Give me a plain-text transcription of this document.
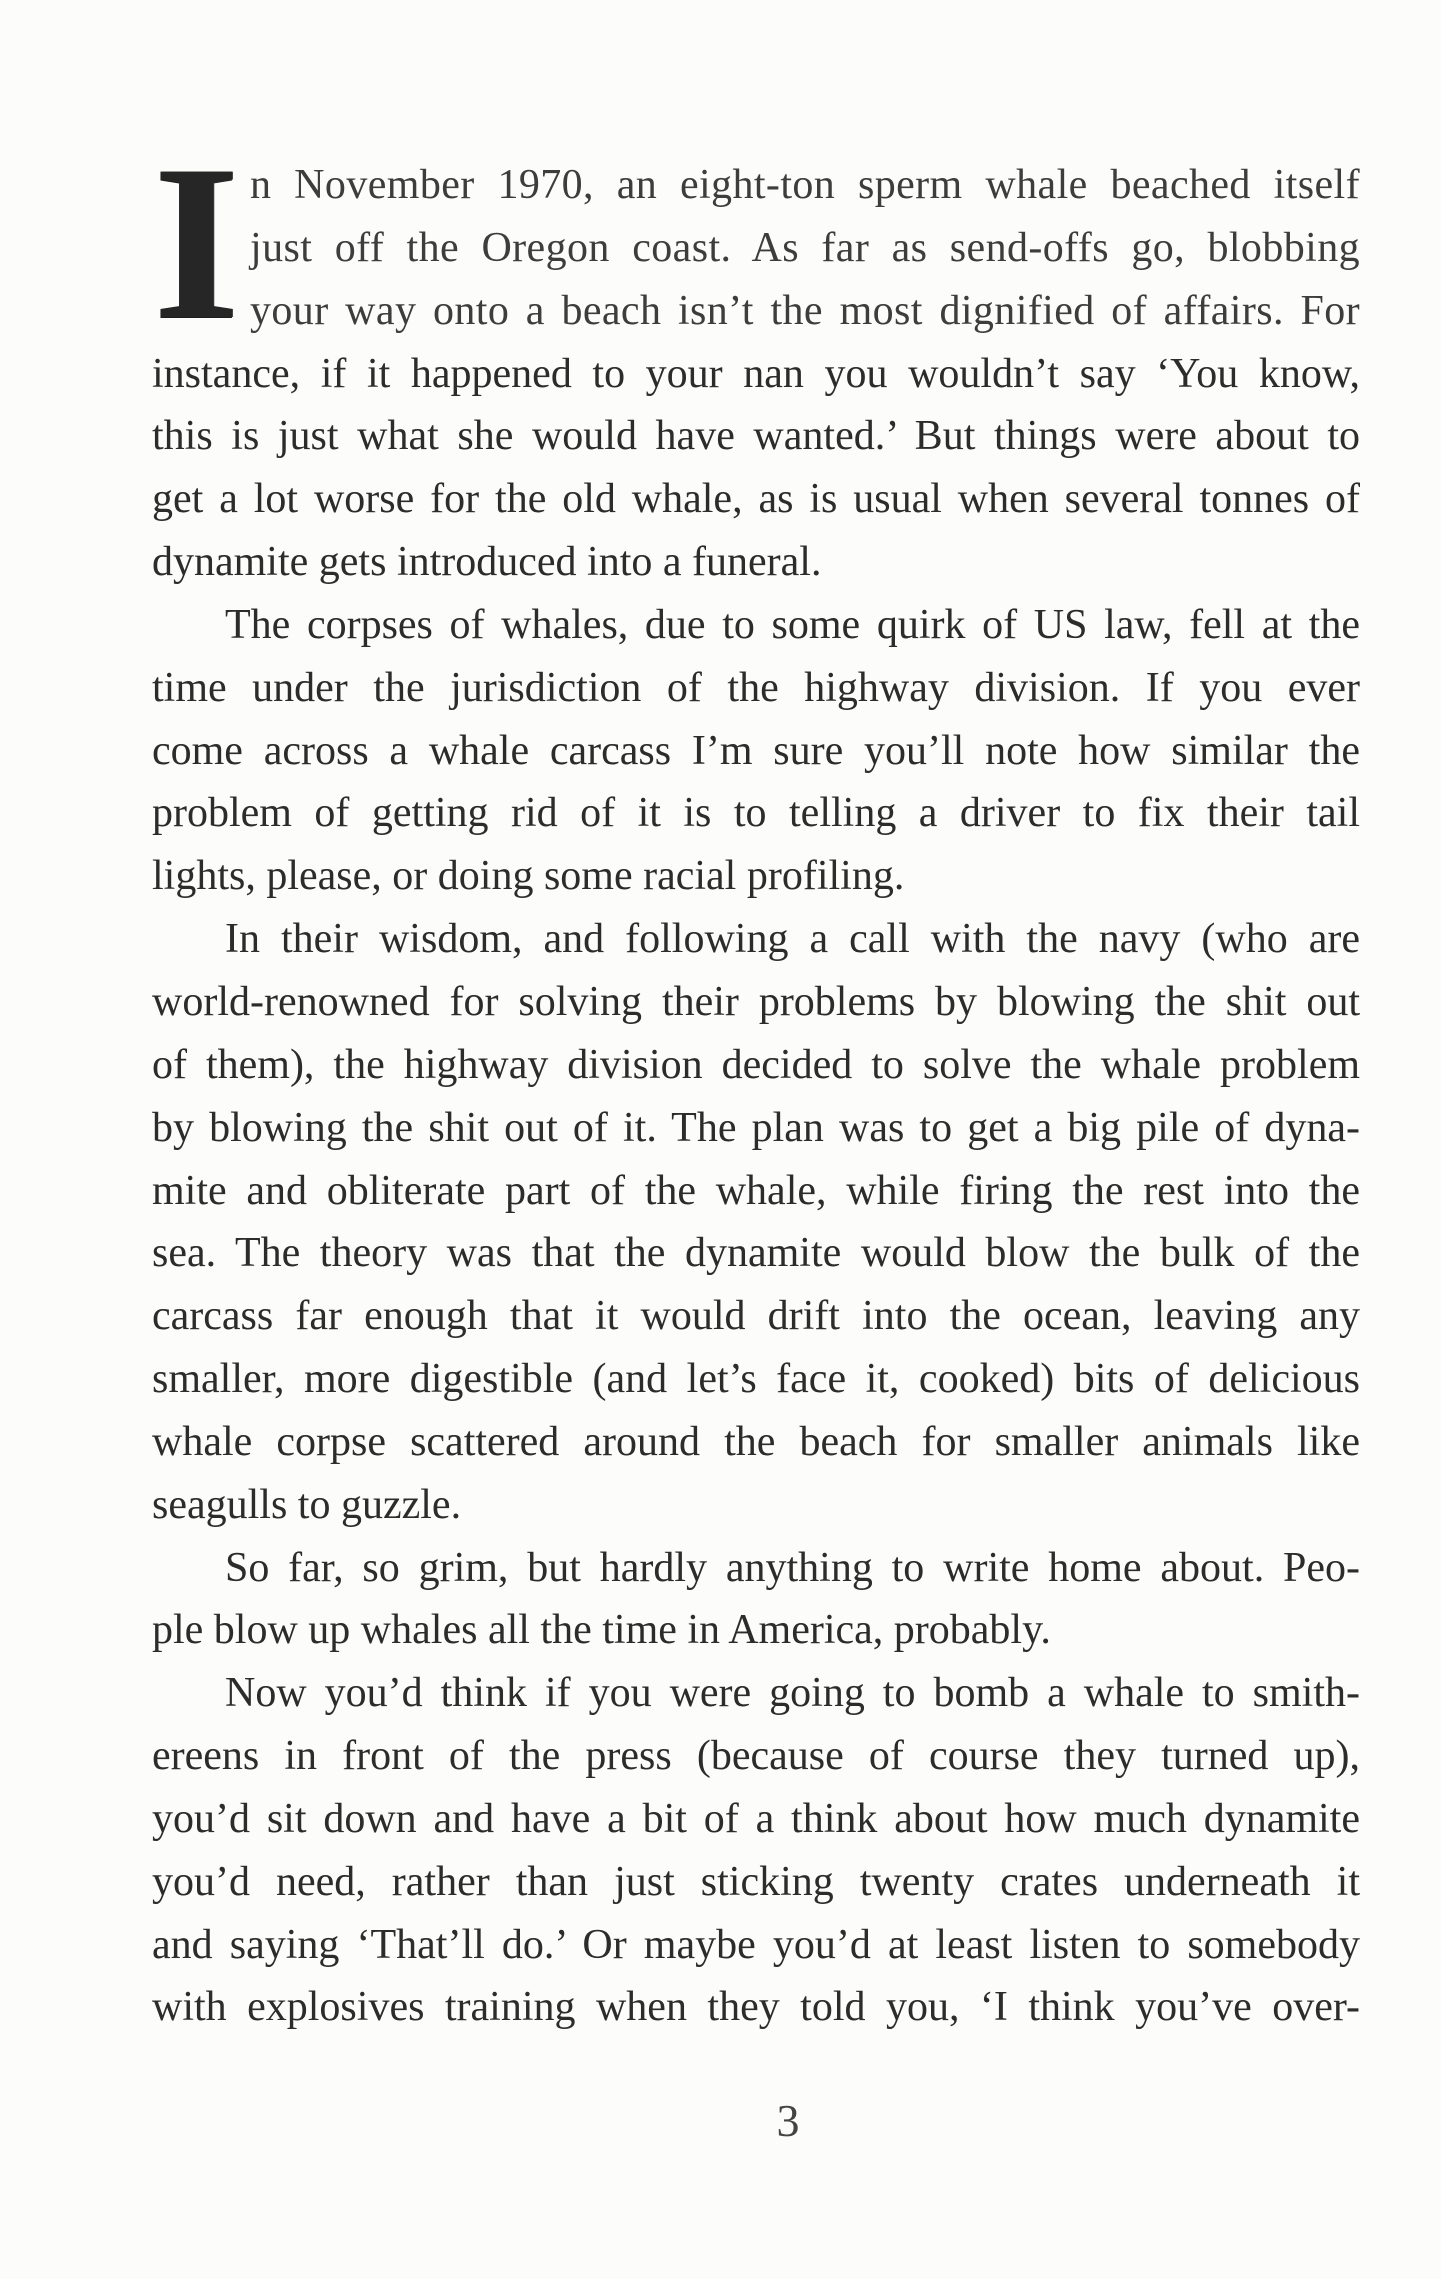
I n November 1970, an eight-ton sperm whale beached itself
just off the Oregon coast. As far as send-offs go, blobbing
your way onto a beach isn’t the most dignified of affairs. For
instance, if it happened to your nan you wouldn’t say ‘You know,
this is just what she would have wanted.’ But things were about to
get a lot worse for the old whale, as is usual when several tonnes of
dynamite gets introduced into a funeral.
The corpses of whales, due to some quirk of US law, fell at the
time under the jurisdiction of the highway division. If you ever
come across a whale carcass I’m sure you’ll note how similar the
problem of getting rid of it is to telling a driver to fix their tail
lights, please, or doing some racial profiling.
In their wisdom, and following a call with the navy (who are
world-renowned for solving their problems by blowing the shit out
of them), the highway division decided to solve the whale problem
by blowing the shit out of it. The plan was to get a big pile of dyna-
mite and obliterate part of the whale, while firing the rest into the
sea. The theory was that the dynamite would blow the bulk of the
carcass far enough that it would drift into the ocean, leaving any
smaller, more digestible (and let’s face it, cooked) bits of delicious
whale corpse scattered around the beach for smaller animals like
seagulls to guzzle.
So far, so grim, but hardly anything to write home about. Peo-
ple blow up whales all the time in America, probably.
Now you’d think if you were going to bomb a whale to smith-
ereens in front of the press (because of course they turned up),
you’d sit down and have a bit of a think about how much dynamite
you’d need, rather than just sticking twenty crates underneath it
and saying ‘That’ll do.’ Or maybe you’d at least listen to somebody
with explosives training when they told you, ‘I think you’ve over-
3
